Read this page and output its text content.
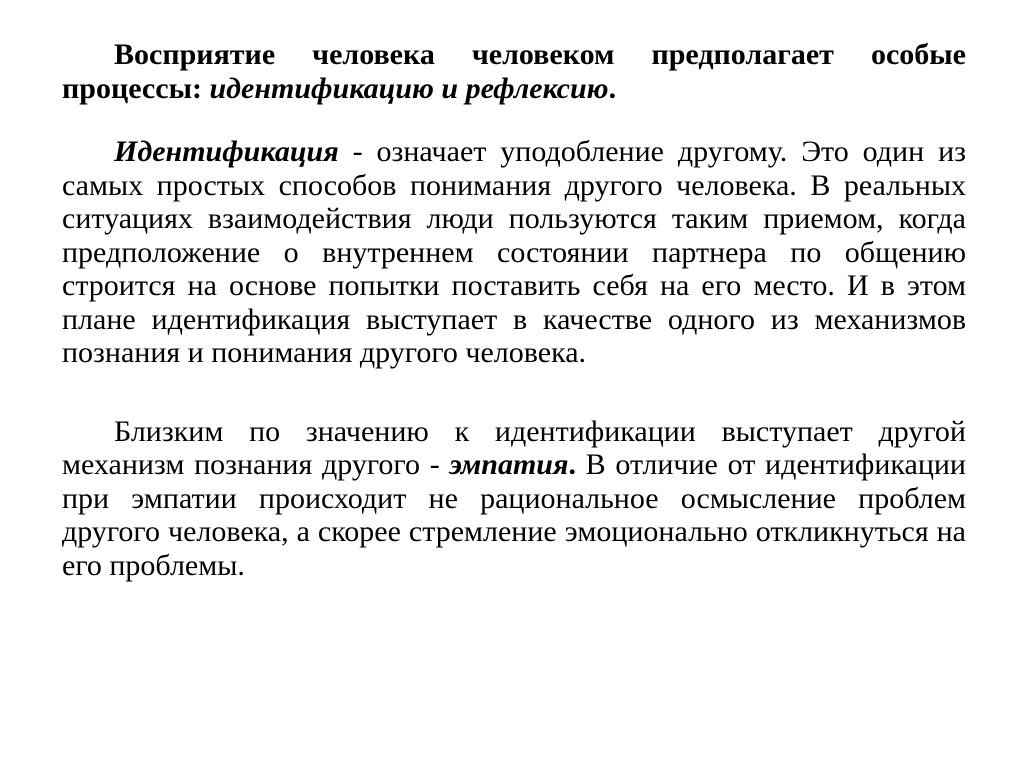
Восприятие человека человеком предполагает особые процессы: идентификацию и рефлексию.

Идентификация - означает уподобление другому. Это один из самых простых способов понимания другого человека. В реальных ситуациях взаимодействия люди пользуются таким приемом, когда предположение о внутреннем состоянии партнера по общению строится на основе попытки поставить себя на его место. И в этом плане идентификация выступает в качестве одного из механизмов познания и понимания другого человека.

Близким по значению к идентификации выступает другой механизм познания другого - эмпатия. В отличие от идентификации при эмпатии происходит не рациональное осмысление проблем другого человека, а скорее стремление эмоционально откликнуться на его проблемы.
